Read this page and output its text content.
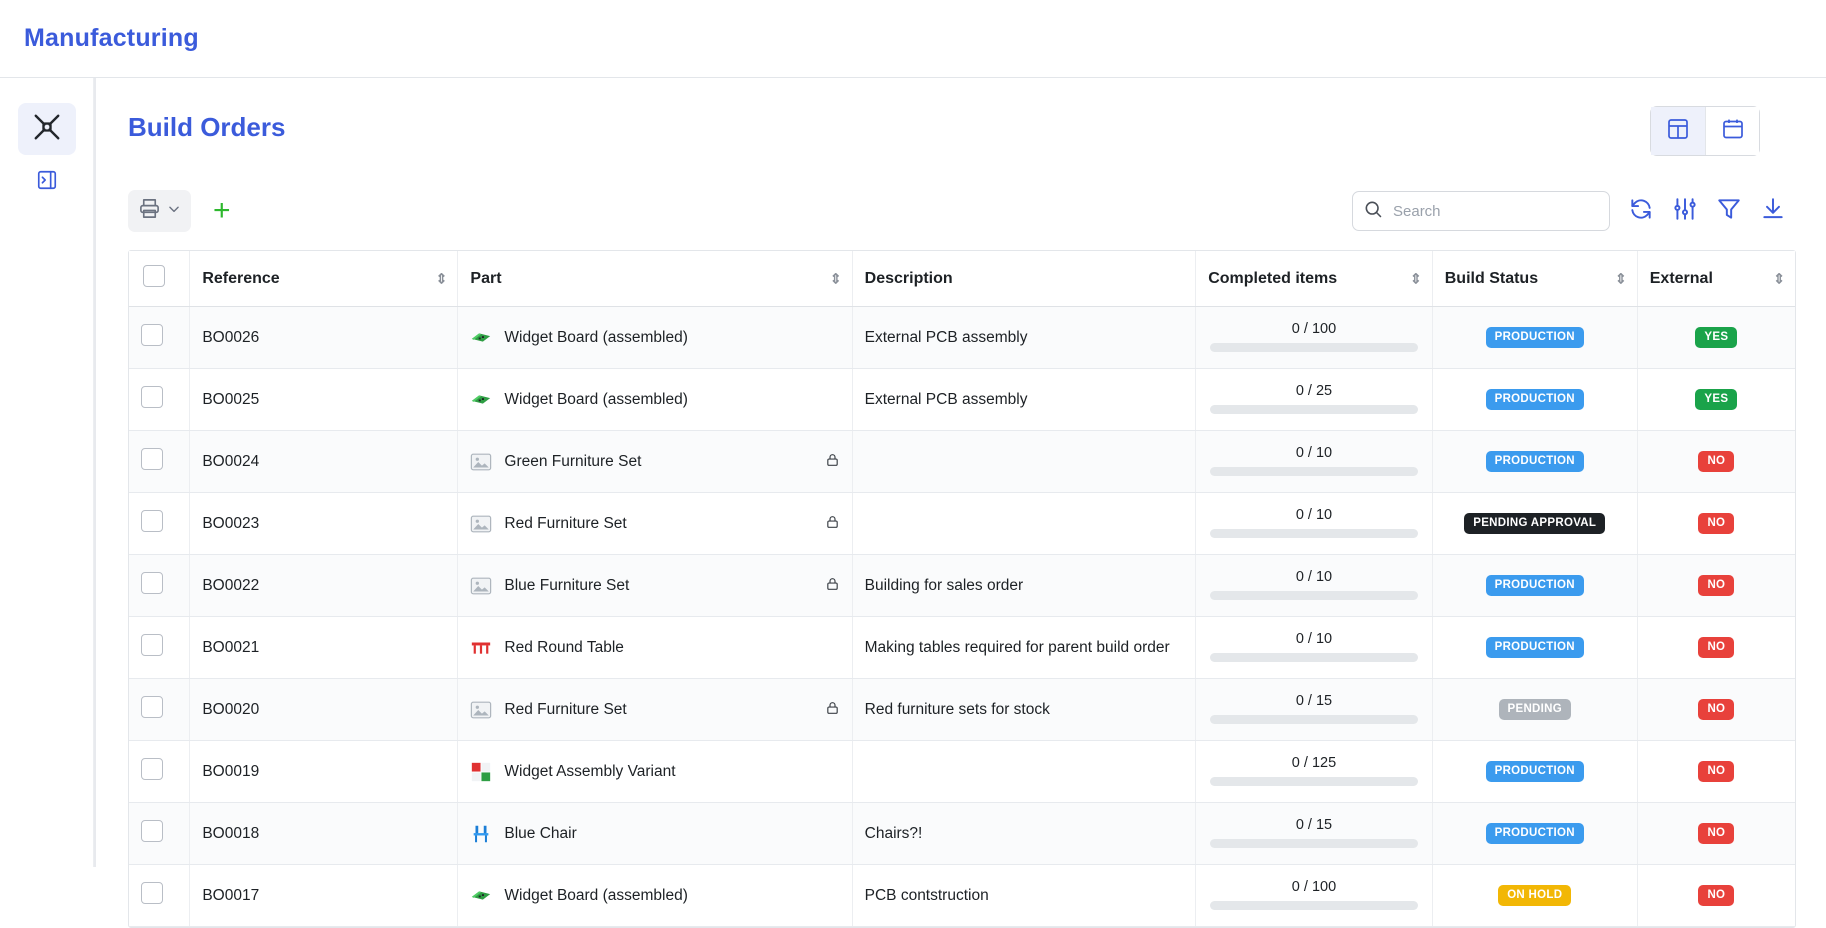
Manufacturing
Build Orders
+
Search
	Reference ⇕	Part ⇕	Description	Completed items ⇕	Build Status ⇕	External ⇕

	BO0026	Widget Board (assembled)	External PCB assembly	0 / 100	PRODUCTION	YES
	BO0025	Widget Board (assembled)	External PCB assembly	0 / 25	PRODUCTION	YES
	BO0024	Green Furniture Set		0 / 10	PRODUCTION	NO
	BO0023	Red Furniture Set		0 / 10	PENDING APPROVAL	NO
	BO0022	Blue Furniture Set	Building for sales order	0 / 10	PRODUCTION	NO
	BO0021	Red Round Table	Making tables required for parent build order	0 / 10	PRODUCTION	NO
	BO0020	Red Furniture Set	Red furniture sets for stock	0 / 15	PENDING	NO
	BO0019	Widget Assembly Variant		0 / 125	PRODUCTION	NO
	BO0018	Blue Chair	Chairs?!	0 / 15	PRODUCTION	NO
	BO0017	Widget Board (assembled)	PCB contstruction	0 / 100	ON HOLD	NO
